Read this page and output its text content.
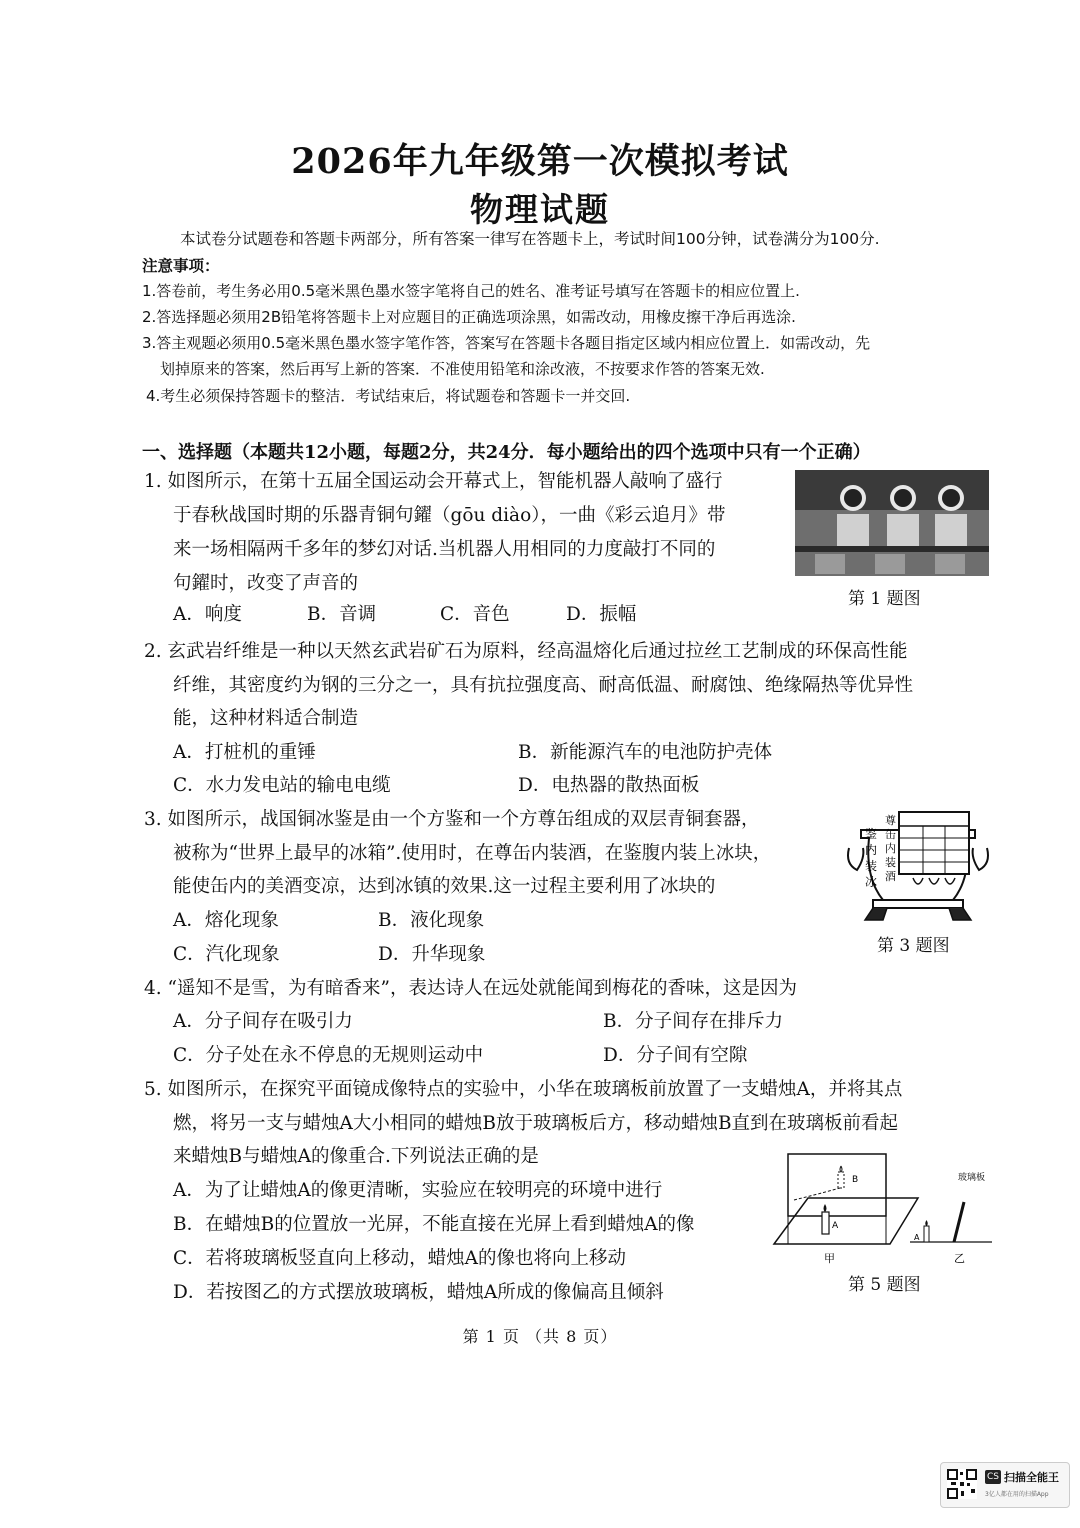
2026年九年级第一次模拟考试
物理试题
本试卷分试题卷和答题卡两部分，所有答案一律写在答题卡上，考试时间100分钟，试卷满分为100分.
注意事项：
1.答卷前，考生务必用0.5毫米黑色墨水签字笔将自己的姓名、准考证号填写在答题卡的相应位置上.
2.答选择题必须用2B铅笔将答题卡上对应题目的正确选项涂黑，如需改动，用橡皮擦干净后再选涂.
3.答主观题必须用0.5毫米黑色墨水签字笔作答，答案写在答题卡各题目指定区域内相应位置上．如需改动，先
划掉原来的答案，然后再写上新的答案．不准使用铅笔和涂改液，不按要求作答的答案无效.
4.考生必须保持答题卡的整洁．考试结束后，将试题卷和答题卡一并交回.
一、选择题（本题共12小题，每题2分，共24分．每小题给出的四个选项中只有一个正确）
1. 如图所示，在第十五届全国运动会开幕式上，智能机器人敲响了盛行
于春秋战国时期的乐器青铜句鑃（gōu diào），一曲《彩云追月》带
来一场相隔两千多年的梦幻对话.当机器人用相同的力度敲打不同的
句鑃时，改变了声音的
A．响度	B．音调	C．音色	D．振幅
第 1 题图
2. 玄武岩纤维是一种以天然玄武岩矿石为原料，经高温熔化后通过拉丝工艺制成的环保高性能
纤维，其密度约为钢的三分之一，具有抗拉强度高、耐高低温、耐腐蚀、绝缘隔热等优异性
能，这种材料适合制造
A．打桩机的重锤	B．新能源汽车的电池防护壳体
C．水力发电站的输电电缆	D．电热器的散热面板
3. 如图所示，战国铜冰鉴是由一个方鉴和一个方尊缶组成的双层青铜套器，
被称为“世界上最早的冰箱”.使用时，在尊缶内装酒，在鉴腹内装上冰块，
能使缶内的美酒变凉，达到冰镇的效果.这一过程主要利用了冰块的
A．熔化现象	B．液化现象
C．汽化现象	D．升华现象
鉴
内
装
冰
尊
缶
内
装
酒
第 3 题图
4. “遥知不是雪，为有暗香来”，表达诗人在远处就能闻到梅花的香味，这是因为
A．分子间存在吸引力	B．分子间存在排斥力
C．分子处在永不停息的无规则运动中	D．分子间有空隙
5. 如图所示，在探究平面镜成像特点的实验中，小华在玻璃板前放置了一支蜡烛A，并将其点
燃，将另一支与蜡烛A大小相同的蜡烛B放于玻璃板后方，移动蜡烛B直到在玻璃板前看起
来蜡烛B与蜡烛A的像重合.下列说法正确的是
A．为了让蜡烛A的像更清晰，实验应在较明亮的环境中进行
B．在蜡烛B的位置放一光屏，不能直接在光屏上看到蜡烛A的像
C．若将玻璃板竖直向上移动，蜡烛A的像也将向上移动
D．若按图乙的方式摆放玻璃板，蜡烛A所成的像偏高且倾斜
B
A
甲
玻璃板
A
乙
第 5 题图
第 1 页 （共 8 页）
CS 扫描全能王
3亿人都在用的扫描App
